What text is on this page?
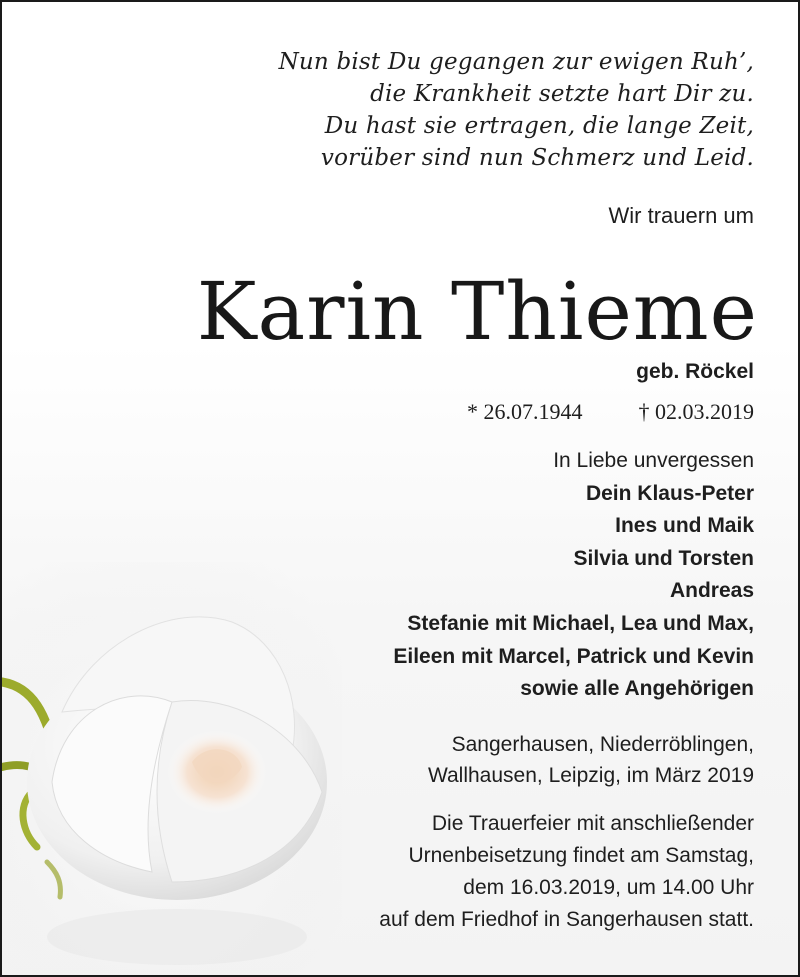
Nun bist Du gegangen zur ewigen Ruh’,
die Krankheit setzte hart Dir zu.
Du hast sie ertragen, die lange Zeit,
vorüber sind nun Schmerz und Leid.
Wir trauern um
Karin Thieme
geb. Röckel
* 26.07.1944	† 02.03.2019
In Liebe unvergessen
Dein Klaus-Peter
Ines und Maik
Silvia und Torsten
Andreas
Stefanie mit Michael, Lea und Max,
Eileen mit Marcel, Patrick und Kevin
sowie alle Angehörigen
Sangerhausen, Niederröblingen,
Wallhausen, Leipzig, im März 2019
Die Trauerfeier mit anschließender
Urnenbeisetzung findet am Samstag,
dem 16.03.2019, um 14.00 Uhr
auf dem Friedhof in Sangerhausen statt.
